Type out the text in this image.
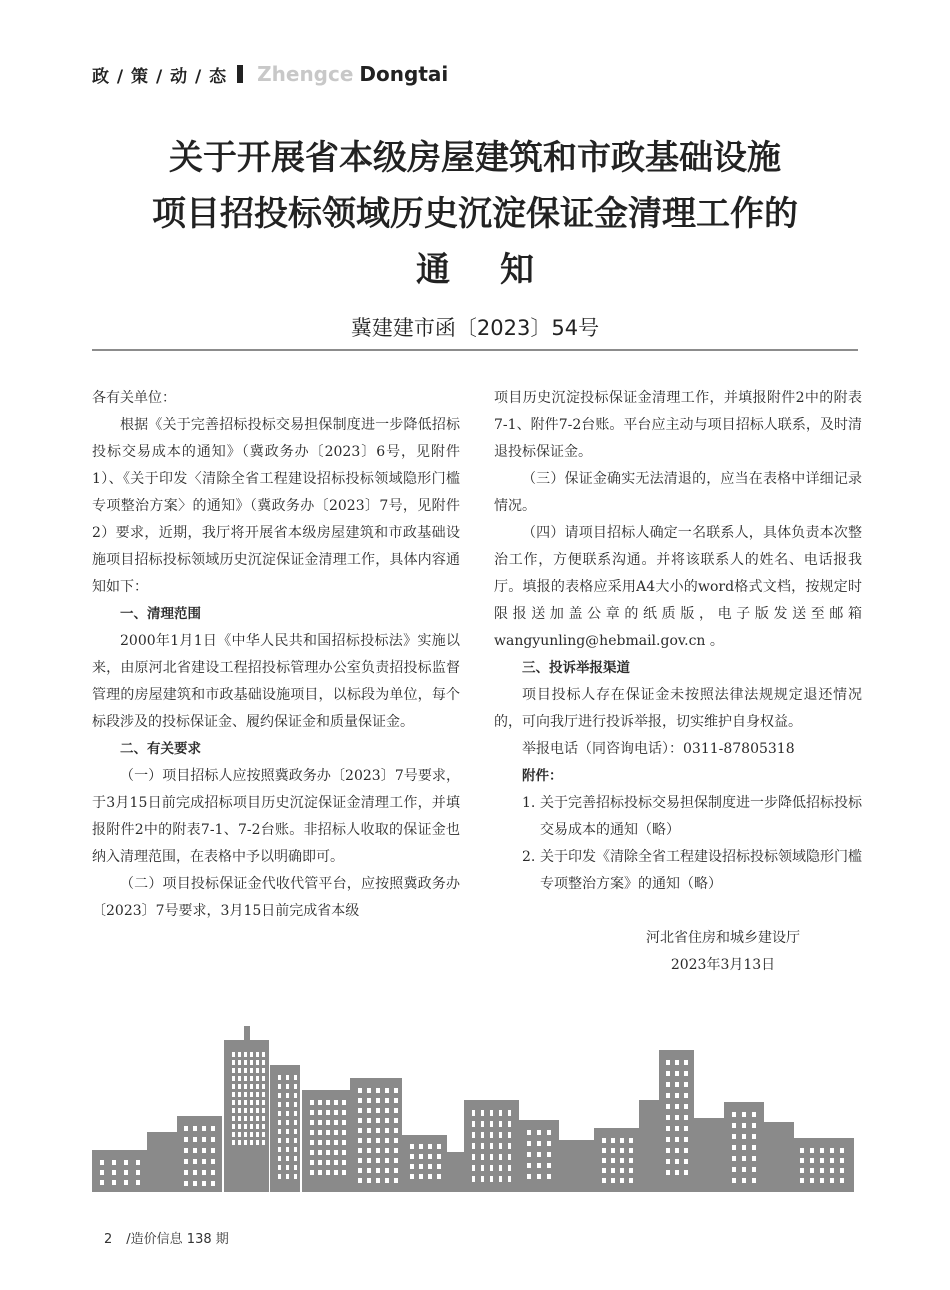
政 / 策 / 动 / 态 Zhengce Dongtai
关于开展省本级房屋建筑和市政基础设施
项目招投标领域历史沉淀保证金清理工作的
通知
冀建建市函〔2023〕54号

各有关单位：

根据《关于完善招标投标交易担保制度进一步降低招标投标交易成本的通知》（冀政务办〔2023〕6号，见附件1）、《关于印发〈清除全省工程建设招标投标领域隐形门槛专项整治方案〉的通知》（冀政务办〔2023〕7号，见附件2）要求，近期，我厅将开展省本级房屋建筑和市政基础设施项目招标投标领域历史沉淀保证金清理工作，具体内容通知如下：

一、清理范围

2000年1月1日《中华人民共和国招标投标法》实施以来，由原河北省建设工程招投标管理办公室负责招投标监督管理的房屋建筑和市政基础设施项目，以标段为单位，每个标段涉及的投标保证金、履约保证金和质量保证金。

二、有关要求

（一）项目招标人应按照冀政务办〔2023〕7号要求，于3月15日前完成招标项目历史沉淀保证金清理工作，并填报附件2中的附表7-1、7-2台账。非招标人收取的保证金也纳入清理范围，在表格中予以明确即可。

（二）项目投标保证金代收代管平台，应按照冀政务办〔2023〕7号要求，3月15日前完成省本级

项目历史沉淀投标保证金清理工作，并填报附件2中的附表7-1、附件7-2台账。平台应主动与项目招标人联系，及时清退投标保证金。

（三）保证金确实无法清退的，应当在表格中详细记录情况。

（四）请项目招标人确定一名联系人，具体负责本次整治工作，方便联系沟通。并将该联系人的姓名、电话报我厅。填报的表格应采用A4大小的word格式文档，按规定时限报送加盖公章的纸质版，电子版发送至邮箱wangyunling@hebmail.gov.cn 。

三、投诉举报渠道

项目投标人存在保证金未按照法律法规规定退还情况的，可向我厅进行投诉举报，切实维护自身权益。

举报电话（同咨询电话）：0311-87805318

附件：

1. 关于完善招标投标交易担保制度进一步降低招标投标交易成本的通知（略）

2. 关于印发《清除全省工程建设招标投标领域隐形门槛专项整治方案》的通知（略）

河北省住房和城乡建设厅

2023年3月13日

2 /造价信息 138 期
